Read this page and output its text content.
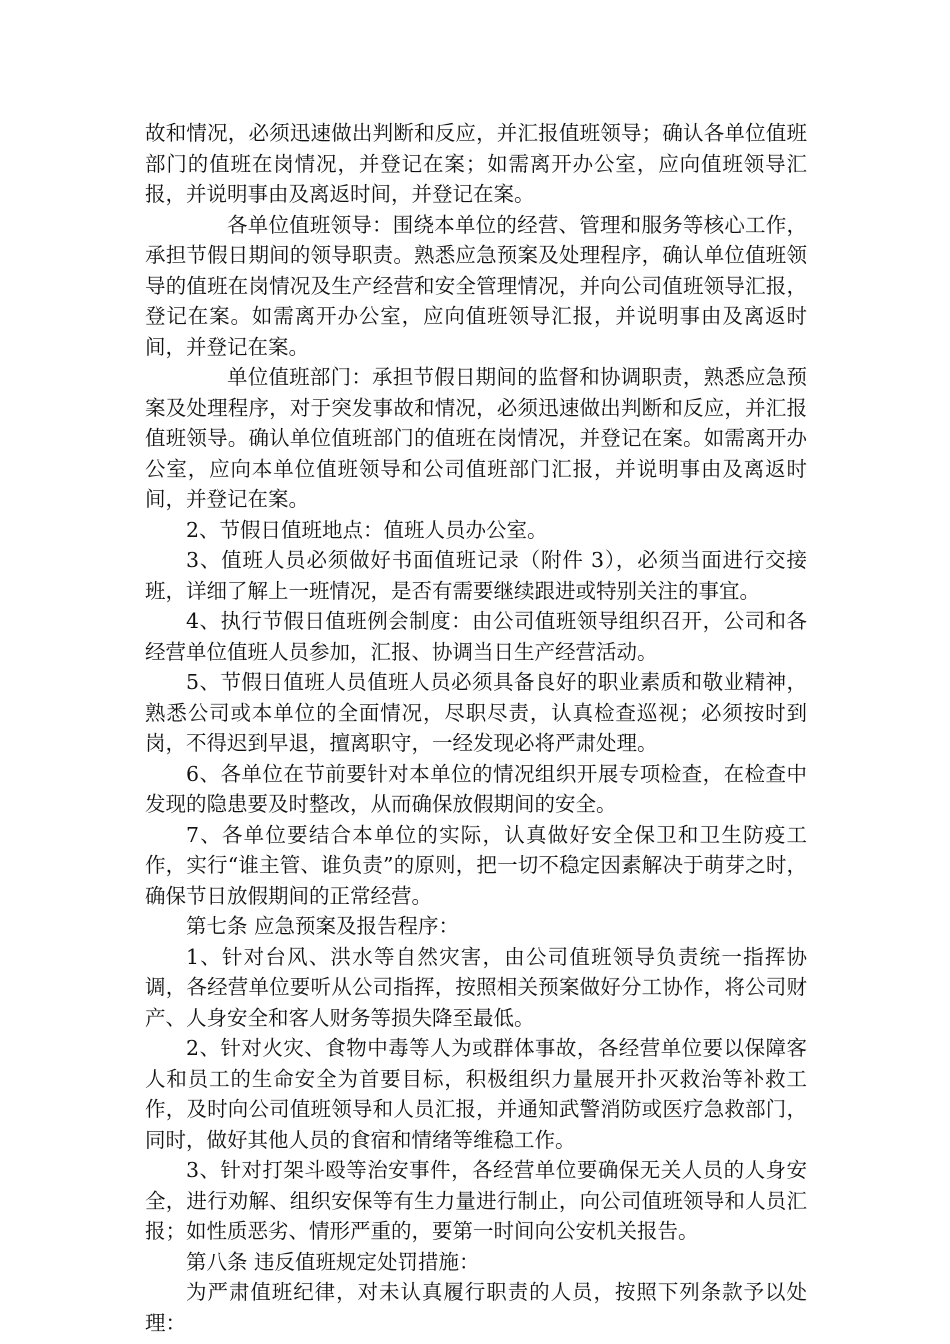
故和情况，必须迅速做出判断和反应，并汇报值班领导；确认各单位值班部门的值班在岗情况，并登记在案；如需离开办公室，应向值班领导汇报，并说明事由及离返时间，并登记在案。

各单位值班领导：围绕本单位的经营、管理和服务等核心工作，承担节假日期间的领导职责。熟悉应急预案及处理程序，确认单位值班领导的值班在岗情况及生产经营和安全管理情况，并向公司值班领导汇报，登记在案。如需离开办公室，应向值班领导汇报，并说明事由及离返时间，并登记在案。

单位值班部门：承担节假日期间的监督和协调职责，熟悉应急预案及处理程序，对于突发事故和情况，必须迅速做出判断和反应，并汇报值班领导。确认单位值班部门的值班在岗情况，并登记在案。如需离开办公室，应向本单位值班领导和公司值班部门汇报，并说明事由及离返时间，并登记在案。

2、节假日值班地点：值班人员办公室。

3、值班人员必须做好书面值班记录（附件 3），必须当面进行交接班，详细了解上一班情况，是否有需要继续跟进或特别关注的事宜。

4、执行节假日值班例会制度：由公司值班领导组织召开，公司和各经营单位值班人员参加，汇报、协调当日生产经营活动。

5、节假日值班人员值班人员必须具备良好的职业素质和敬业精神，熟悉公司或本单位的全面情况，尽职尽责，认真检查巡视；必须按时到岗，不得迟到早退，擅离职守，一经发现必将严肃处理。

6、各单位在节前要针对本单位的情况组织开展专项检查，在检查中发现的隐患要及时整改，从而确保放假期间的安全。

7、各单位要结合本单位的实际，认真做好安全保卫和卫生防疫工作，实行“谁主管、谁负责”的原则，把一切不稳定因素解决于萌芽之时，确保节日放假期间的正常经营。

第七条 应急预案及报告程序：

1、针对台风、洪水等自然灾害，由公司值班领导负责统一指挥协调，各经营单位要听从公司指挥，按照相关预案做好分工协作，将公司财产、人身安全和客人财务等损失降至最低。

2、针对火灾、食物中毒等人为或群体事故，各经营单位要以保障客人和员工的生命安全为首要目标，积极组织力量展开扑灭救治等补救工作，及时向公司值班领导和人员汇报，并通知武警消防或医疗急救部门，同时，做好其他人员的食宿和情绪等维稳工作。

3、针对打架斗殴等治安事件，各经营单位要确保无关人员的人身安全，进行劝解、组织安保等有生力量进行制止，向公司值班领导和人员汇报；如性质恶劣、情形严重的，要第一时间向公安机关报告。

第八条 违反值班规定处罚措施：

为严肃值班纪律，对未认真履行职责的人员，按照下列条款予以处理：
